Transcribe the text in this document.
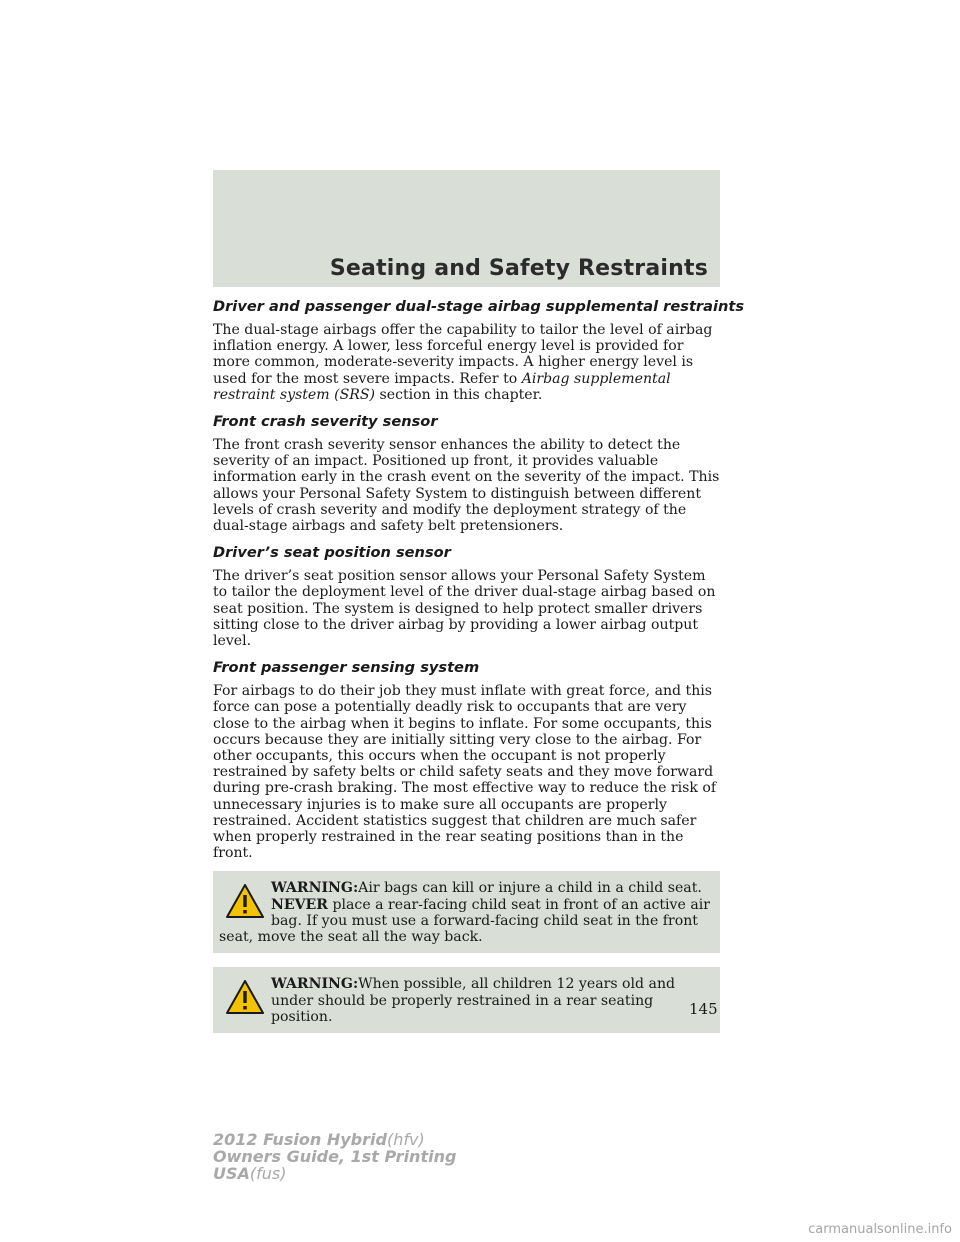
Seating and Safety Restraints
Driver and passenger dual-stage airbag supplemental restraints

The dual-stage airbags offer the capability to tailor the level of airbag inflation energy. A lower, less forceful energy level is provided for more common, moderate-severity impacts. A higher energy level is used for the most severe impacts. Refer to Airbag supplemental restraint system (SRS) section in this chapter.

Front crash severity sensor

The front crash severity sensor enhances the ability to detect the severity of an impact. Positioned up front, it provides valuable information early in the crash event on the severity of the impact. This allows your Personal Safety System to distinguish between different levels of crash severity and modify the deployment strategy of the dual-stage airbags and safety belt pretensioners.

Driver’s seat position sensor

The driver’s seat position sensor allows your Personal Safety System to tailor the deployment level of the driver dual-stage airbag based on seat position. The system is designed to help protect smaller drivers sitting close to the driver airbag by providing a lower airbag output level.

Front passenger sensing system

For airbags to do their job they must inflate with great force, and this force can pose a potentially deadly risk to occupants that are very close to the airbag when it begins to inflate. For some occupants, this occurs because they are initially sitting very close to the airbag. For other occupants, this occurs when the occupant is not properly restrained by safety belts or child safety seats and they move forward during pre-crash braking. The most effective way to reduce the risk of unnecessary injuries is to make sure all occupants are properly restrained. Accident statistics suggest that children are much safer when properly restrained in the rear seating positions than in the front.

WARNING:Air bags can kill or injure a child in a child seat.
NEVER place a rear-facing child seat in front of an active air bag. If you must use a forward-facing child seat in the front seat, move the seat all the way back.
WARNING:When possible, all children 12 years old and under should be properly restrained in a rear seating position.	145
2012 Fusion Hybrid(hfv)
Owners Guide, 1st Printing
USA(fus)
carmanualsonline.info
